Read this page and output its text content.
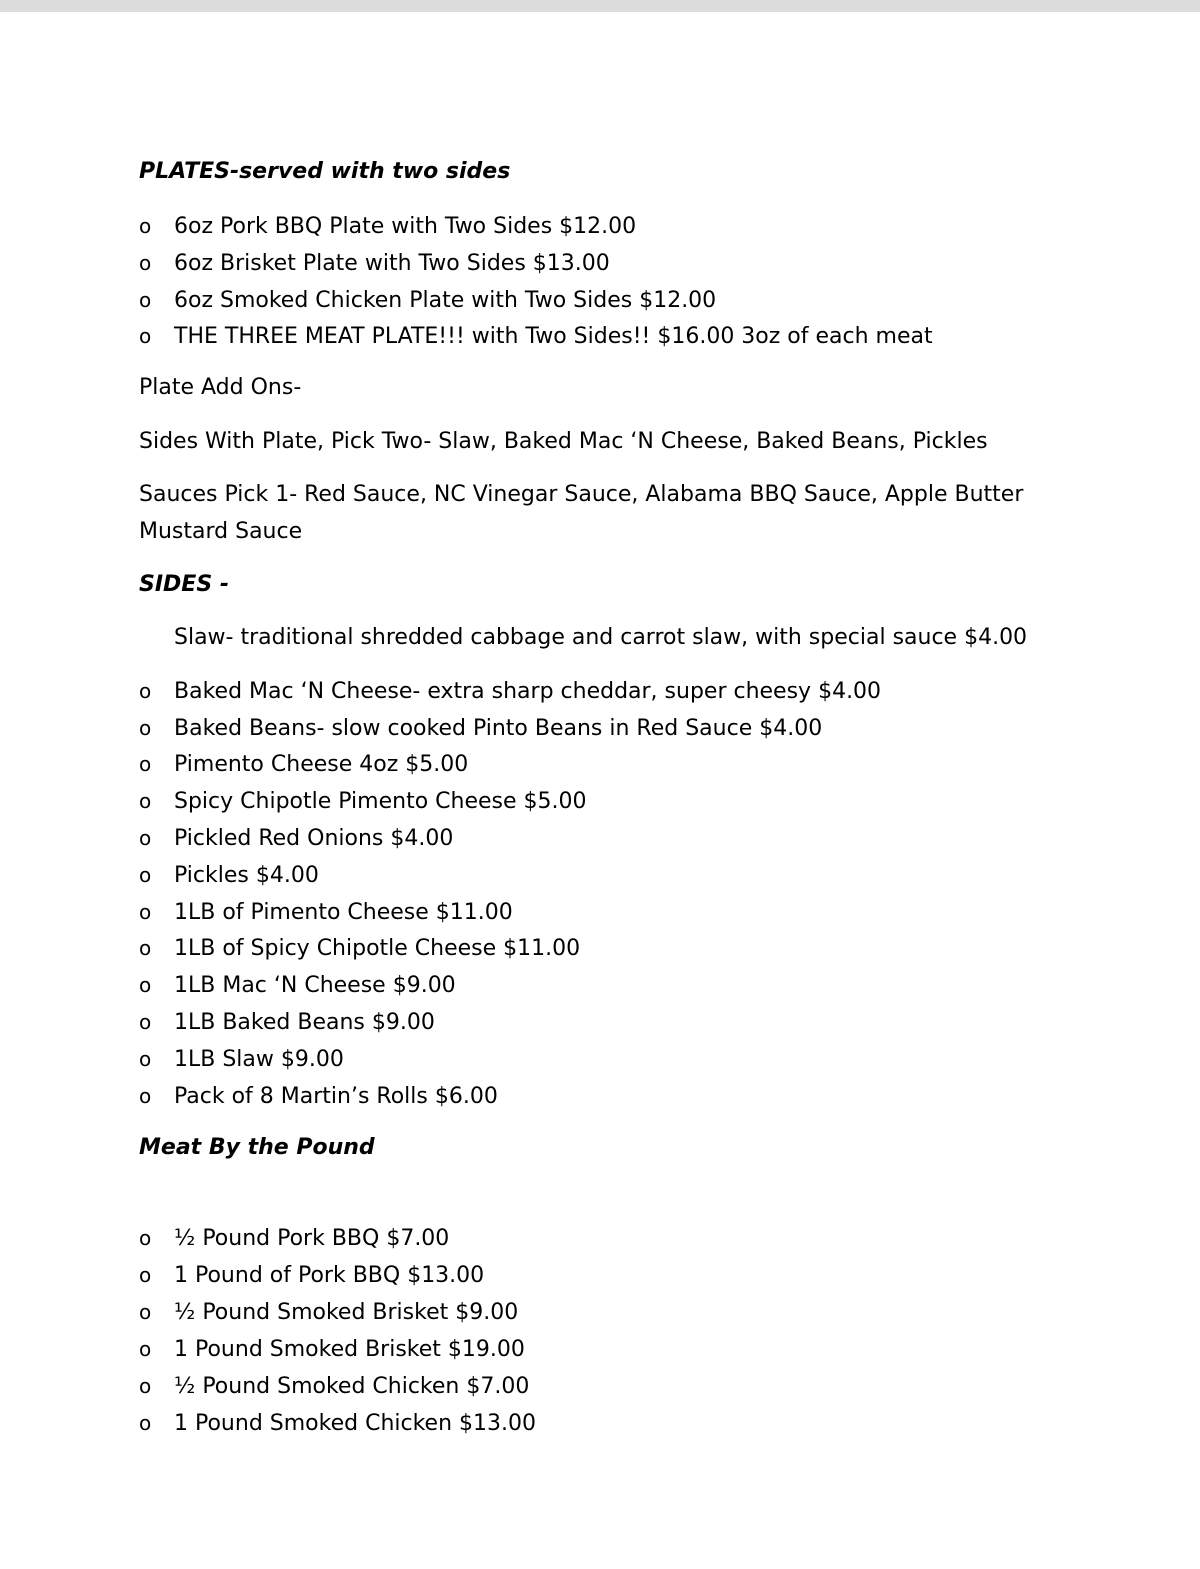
PLATES-served with two sides
o 6oz Pork BBQ Plate with Two Sides $12.00
o 6oz Brisket Plate with Two Sides $13.00
o 6oz Smoked Chicken Plate with Two Sides $12.00
o THE THREE MEAT PLATE!!! with Two Sides!! $16.00 3oz of each meat
Plate Add Ons-
Sides With Plate, Pick Two- Slaw, Baked Mac ‘N Cheese, Baked Beans, Pickles
Sauces Pick 1- Red Sauce, NC Vinegar Sauce, Alabama BBQ Sauce, Apple Butter
Mustard Sauce
SIDES -
Slaw- traditional shredded cabbage and carrot slaw, with special sauce $4.00
o Baked Mac ‘N Cheese- extra sharp cheddar, super cheesy $4.00
o Baked Beans- slow cooked Pinto Beans in Red Sauce $4.00
o Pimento Cheese 4oz $5.00
o Spicy Chipotle Pimento Cheese $5.00
o Pickled Red Onions $4.00
o Pickles $4.00
o 1LB of Pimento Cheese $11.00
o 1LB of Spicy Chipotle Cheese $11.00
o 1LB Mac ‘N Cheese $9.00
o 1LB Baked Beans $9.00
o 1LB Slaw $9.00
o Pack of 8 Martin’s Rolls $6.00
Meat By the Pound
o ½ Pound Pork BBQ $7.00
o 1 Pound of Pork BBQ $13.00
o ½ Pound Smoked Brisket $9.00
o 1 Pound Smoked Brisket $19.00
o ½ Pound Smoked Chicken $7.00
o 1 Pound Smoked Chicken $13.00
